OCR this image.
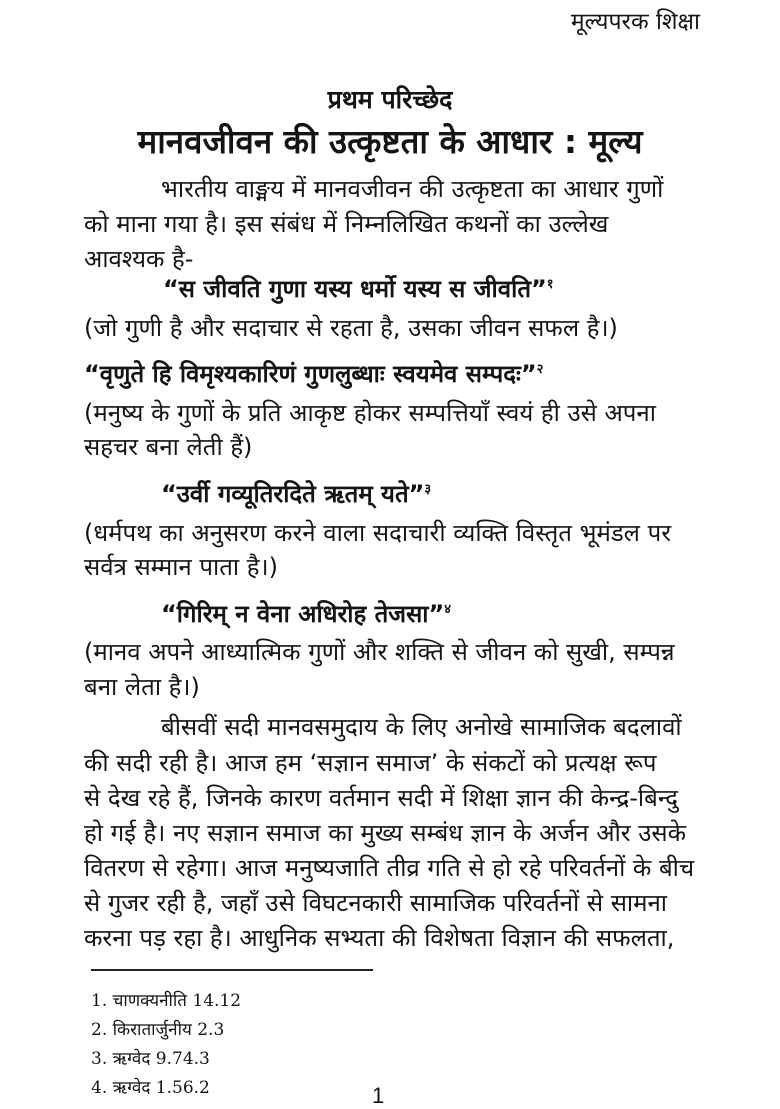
मूल्यपरक शिक्षा
प्रथम परिच्छेद
मानवजीवन की उत्कृष्टता के आधार : मूल्य
भारतीय वाङ्मय में मानवजीवन की उत्कृष्टता का आधार गुणों
को माना गया है। इस संबंध में निम्नलिखित कथनों का उल्लेख
आवश्यक है-
“स जीवति गुणा यस्य धर्मो यस्य स जीवति”$^१$
(जो गुणी है और सदाचार से रहता है, उसका जीवन सफल है।)
“वृणुते हि विमृश्यकारिणं गुणलुब्धाः स्वयमेव सम्पदः”$^२$
(मनुष्य के गुणों के प्रति आकृष्ट होकर सम्पत्तियाँ स्वयं ही उसे अपना
सहचर बना लेती हैं)
“उर्वी गव्यूतिरदिते ऋतम् यते”$^३$
(धर्मपथ का अनुसरण करने वाला सदाचारी व्यक्ति विस्तृत भूमंडल पर
सर्वत्र सम्मान पाता है।)
“गिरिम् न वेना अधिरोह तेजसा”$^४$
(मानव अपने आध्यात्मिक गुणों और शक्ति से जीवन को सुखी, सम्पन्न
बना लेता है।)
बीसवीं सदी मानवसमुदाय के लिए अनोखे सामाजिक बदलावों
की सदी रही है। आज हम ‘सज्ञान समाज’ के संकटों को प्रत्यक्ष रूप
से देख रहे हैं, जिनके कारण वर्तमान सदी में शिक्षा ज्ञान की केन्द्र-बिन्दु
हो गई है। नए सज्ञान समाज का मुख्य सम्बंध ज्ञान के अर्जन और उसके
वितरण से रहेगा। आज मनुष्यजाति तीव्र गति से हो रहे परिवर्तनों के बीच
से गुजर रही है, जहाँ उसे विघटनकारी सामाजिक परिवर्तनों से सामना
करना पड़ रहा है। आधुनिक सभ्यता की विशेषता विज्ञान की सफलता,
1. चाणक्यनीति 14.12
2. किरातार्जुनीय 2.3
3. ऋग्वेद 9.74.3
4. ऋग्वेद 1.56.2	1
